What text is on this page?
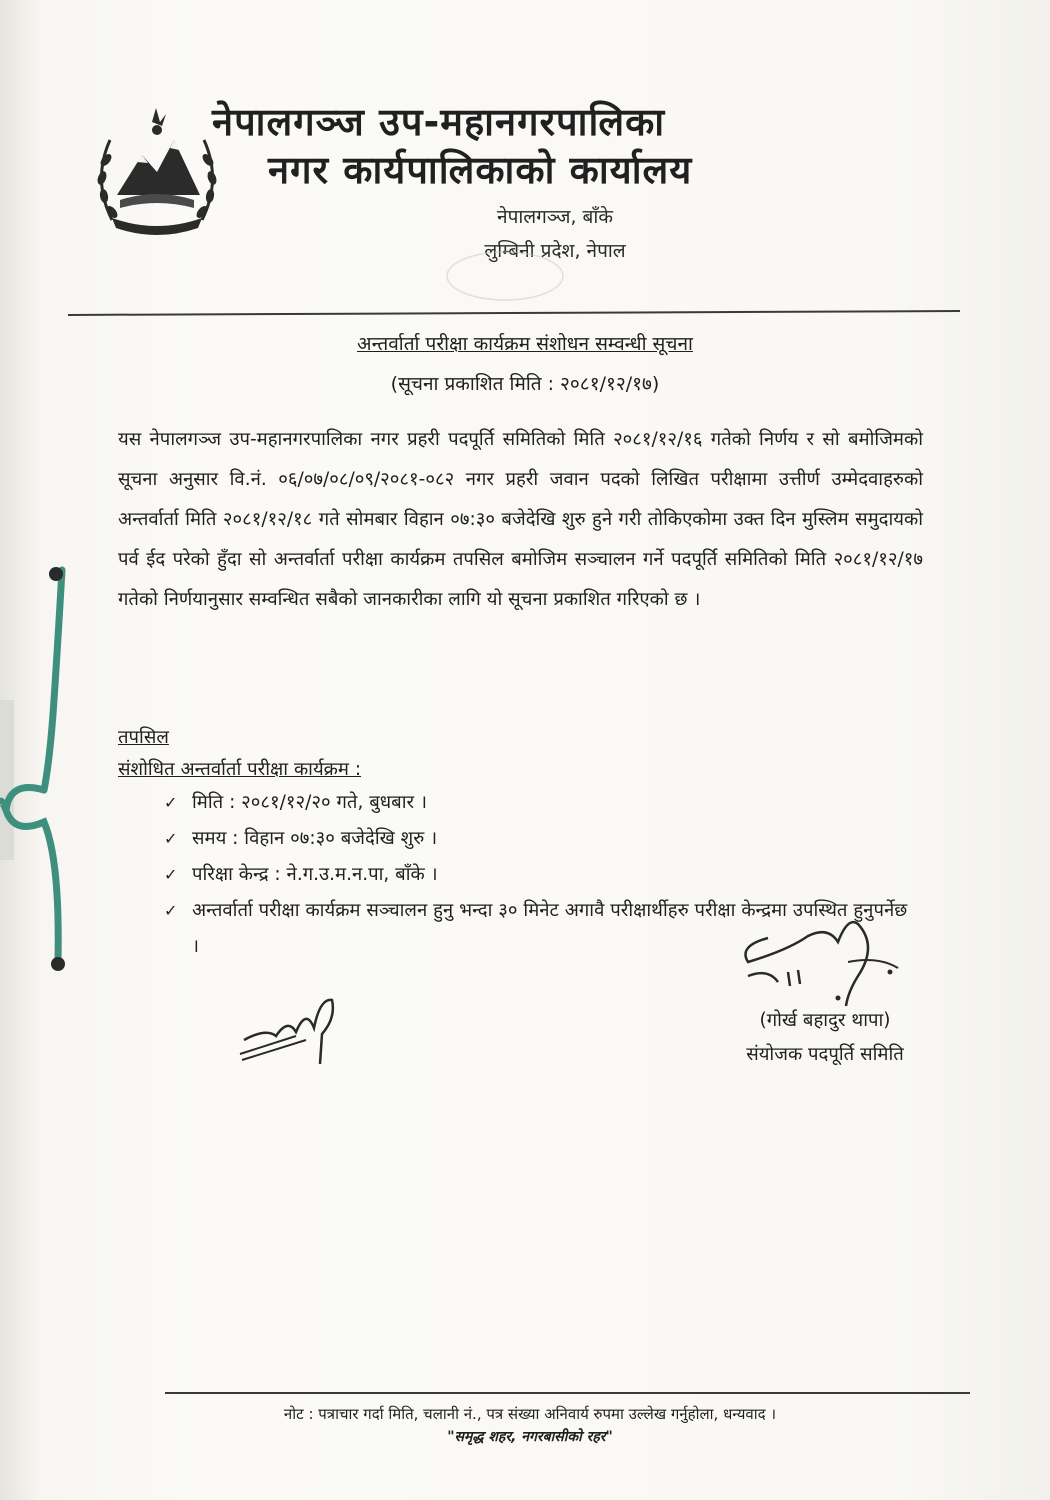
नेपालगञ्ज उप-महानगरपालिका
नगर कार्यपालिकाको कार्यालय
नेपालगञ्ज, बाँके
लुम्बिनी प्रदेश, नेपाल
अन्तर्वार्ता परीक्षा कार्यक्रम संशोधन सम्वन्धी सूचना
(सूचना प्रकाशित मिति : २०८१/१२/१७)
यस नेपालगञ्ज उप-महानगरपालिका नगर प्रहरी पदपूर्ति समितिको मिति २०८१/१२/१६ गतेको निर्णय र सो बमोजिमको सूचना अनुसार वि.नं. ०६/०७/०८/०९/२०८१-०८२ नगर प्रहरी जवान पदको लिखित परीक्षामा उत्तीर्ण उम्मेदवाहरुको अन्तर्वार्ता मिति २०८१/१२/१८ गते सोमबार विहान ०७:३० बजेदेखि शुरु हुने गरी तोकिएकोमा उक्त दिन मुस्लिम समुदायको पर्व ईद परेको हुँदा सो अन्तर्वार्ता परीक्षा कार्यक्रम तपसिल बमोजिम सञ्चालन गर्ने पदपूर्ति समितिको मिति २०८१/१२/१७ गतेको निर्णयानुसार सम्वन्धित सबैको जानकारीका लागि यो सूचना प्रकाशित गरिएको छ ।
तपसिल
संशोधित अन्तर्वार्ता परीक्षा कार्यक्रम :
✓ मिति : २०८१/१२/२० गते, बुधबार ।
✓ समय : विहान ०७:३० बजेदेखि शुरु ।
✓ परिक्षा केन्द्र : ने.ग.उ.म.न.पा, बाँके ।
✓ अन्तर्वार्ता परीक्षा कार्यक्रम सञ्चालन हुनु भन्दा ३० मिनेट अगावै परीक्षार्थीहरु परीक्षा केन्द्रमा उपस्थित हुनुपर्नेछ ।
(गोर्ख बहादुर थापा)
संयोजक पदपूर्ति समिति
नोट : पत्राचार गर्दा मिति, चलानी नं., पत्र संख्या अनिवार्य रुपमा उल्लेख गर्नुहोला, धन्यवाद ।
"समृद्ध शहर, नगरबासीको रहर"
